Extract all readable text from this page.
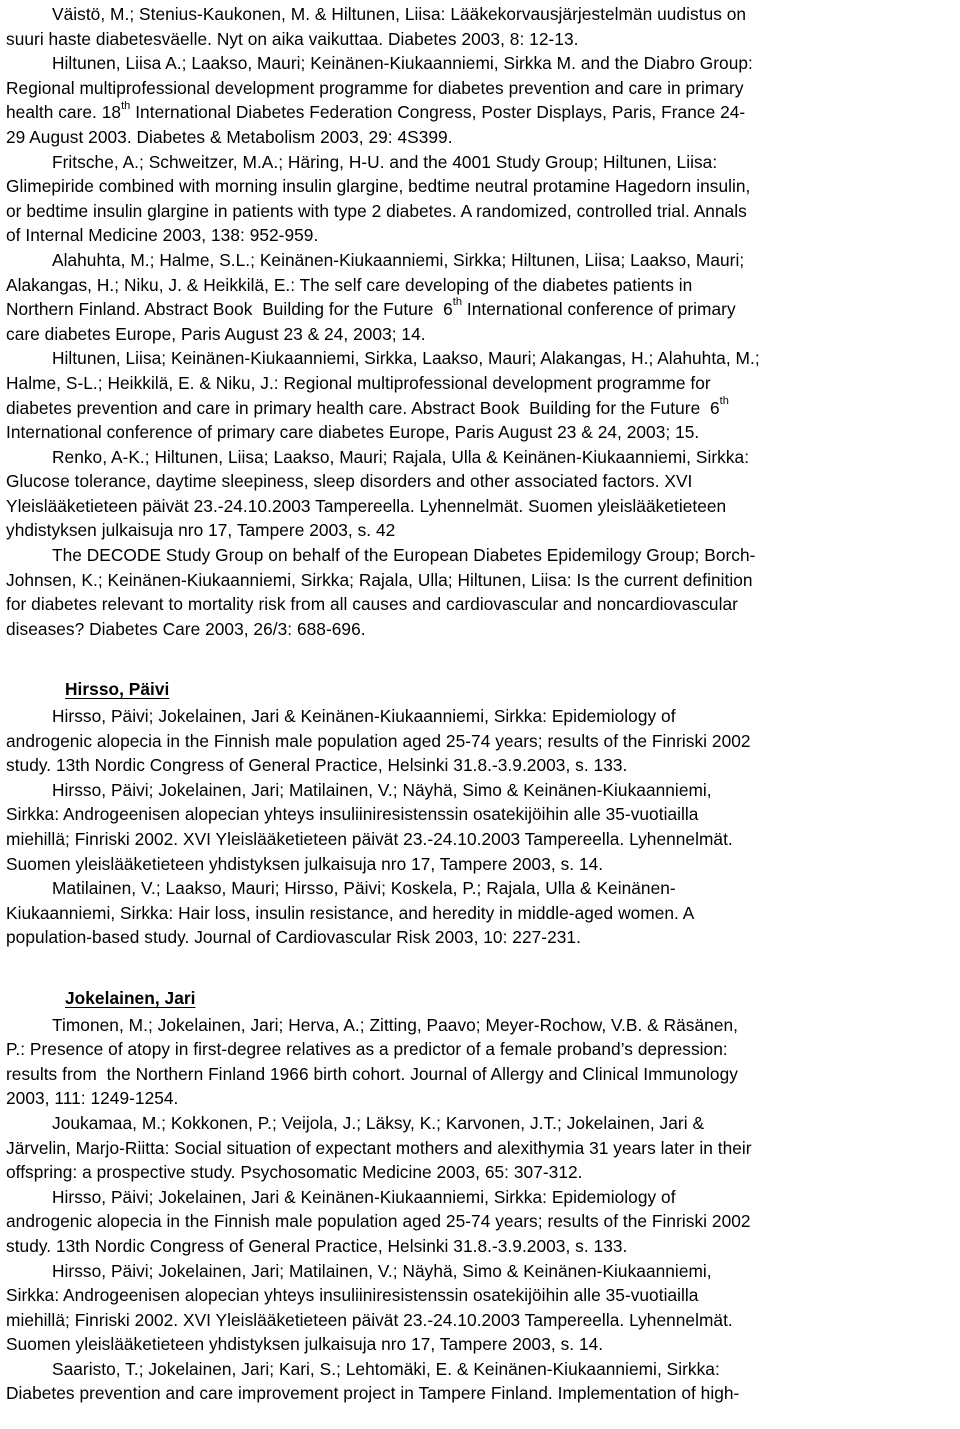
Väistö, M.; Stenius-Kaukonen, M. & Hiltunen, Liisa: Lääkekorvausjärjestelmän uudistus on
suuri haste diabetesväelle. Nyt on aika vaikuttaa. Diabetes 2003, 8: 12-13.
Hiltunen, Liisa A.; Laakso, Mauri; Keinänen-Kiukaanniemi, Sirkka M. and the Diabro Group:
Regional multiprofessional development programme for diabetes prevention and care in primary
health care. 18th International Diabetes Federation Congress, Poster Displays, Paris, France 24-
29 August 2003. Diabetes & Metabolism 2003, 29: 4S399.
Fritsche, A.; Schweitzer, M.A.; Häring, H-U. and the 4001 Study Group; Hiltunen, Liisa:
Glimepiride combined with morning insulin glargine, bedtime neutral protamine Hagedorn insulin,
or bedtime insulin glargine in patients with type 2 diabetes. A randomized, controlled trial. Annals
of Internal Medicine 2003, 138: 952-959.
Alahuhta, M.; Halme, S.L.; Keinänen-Kiukaanniemi, Sirkka; Hiltunen, Liisa; Laakso, Mauri;
Alakangas, H.; Niku, J. & Heikkilä, E.: The self care developing of the diabetes patients in
Northern Finland. Abstract Book  Building for the Future  6th International conference of primary
care diabetes Europe, Paris August 23 & 24, 2003; 14.
Hiltunen, Liisa; Keinänen-Kiukaanniemi, Sirkka, Laakso, Mauri; Alakangas, H.; Alahuhta, M.;
Halme, S-L.; Heikkilä, E. & Niku, J.: Regional multiprofessional development programme for
diabetes prevention and care in primary health care. Abstract Book  Building for the Future  6th
International conference of primary care diabetes Europe, Paris August 23 & 24, 2003; 15.
Renko, A-K.; Hiltunen, Liisa; Laakso, Mauri; Rajala, Ulla & Keinänen-Kiukaanniemi, Sirkka:
Glucose tolerance, daytime sleepiness, sleep disorders and other associated factors. XVI
Yleislääketieteen päivät 23.-24.10.2003 Tampereella. Lyhennelmät. Suomen yleislääketieteen
yhdistyksen julkaisuja nro 17, Tampere 2003, s. 42
The DECODE Study Group on behalf of the European Diabetes Epidemilogy Group; Borch-
Johnsen, K.; Keinänen-Kiukaanniemi, Sirkka; Rajala, Ulla; Hiltunen, Liisa: Is the current definition
for diabetes relevant to mortality risk from all causes and cardiovascular and noncardiovascular
diseases? Diabetes Care 2003, 26/3: 688-696.
Hirsso, Päivi
Hirsso, Päivi; Jokelainen, Jari & Keinänen-Kiukaanniemi, Sirkka: Epidemiology of
androgenic alopecia in the Finnish male population aged 25-74 years; results of the Finriski 2002
study. 13th Nordic Congress of General Practice, Helsinki 31.8.-3.9.2003, s. 133.
Hirsso, Päivi; Jokelainen, Jari; Matilainen, V.; Näyhä, Simo & Keinänen-Kiukaanniemi,
Sirkka: Androgeenisen alopecian yhteys insuliiniresistenssin osatekijöihin alle 35-vuotiailla
miehillä; Finriski 2002. XVI Yleislääketieteen päivät 23.-24.10.2003 Tampereella. Lyhennelmät.
Suomen yleislääketieteen yhdistyksen julkaisuja nro 17, Tampere 2003, s. 14.
Matilainen, V.; Laakso, Mauri; Hirsso, Päivi; Koskela, P.; Rajala, Ulla & Keinänen-
Kiukaanniemi, Sirkka: Hair loss, insulin resistance, and heredity in middle-aged women. A
population-based study. Journal of Cardiovascular Risk 2003, 10: 227-231.
Jokelainen, Jari
Timonen, M.; Jokelainen, Jari; Herva, A.; Zitting, Paavo; Meyer-Rochow, V.B. & Räsänen,
P.: Presence of atopy in first-degree relatives as a predictor of a female proband’s depression:
results from  the Northern Finland 1966 birth cohort. Journal of Allergy and Clinical Immunology
2003, 111: 1249-1254.
Joukamaa, M.; Kokkonen, P.; Veijola, J.; Läksy, K.; Karvonen, J.T.; Jokelainen, Jari &
Järvelin, Marjo-Riitta: Social situation of expectant mothers and alexithymia 31 years later in their
offspring: a prospective study. Psychosomatic Medicine 2003, 65: 307-312.
Hirsso, Päivi; Jokelainen, Jari & Keinänen-Kiukaanniemi, Sirkka: Epidemiology of
androgenic alopecia in the Finnish male population aged 25-74 years; results of the Finriski 2002
study. 13th Nordic Congress of General Practice, Helsinki 31.8.-3.9.2003, s. 133.
Hirsso, Päivi; Jokelainen, Jari; Matilainen, V.; Näyhä, Simo & Keinänen-Kiukaanniemi,
Sirkka: Androgeenisen alopecian yhteys insuliiniresistenssin osatekijöihin alle 35-vuotiailla
miehillä; Finriski 2002. XVI Yleislääketieteen päivät 23.-24.10.2003 Tampereella. Lyhennelmät.
Suomen yleislääketieteen yhdistyksen julkaisuja nro 17, Tampere 2003, s. 14.
Saaristo, T.; Jokelainen, Jari; Kari, S.; Lehtomäki, E. & Keinänen-Kiukaanniemi, Sirkka:
Diabetes prevention and care improvement project in Tampere Finland. Implementation of high-
